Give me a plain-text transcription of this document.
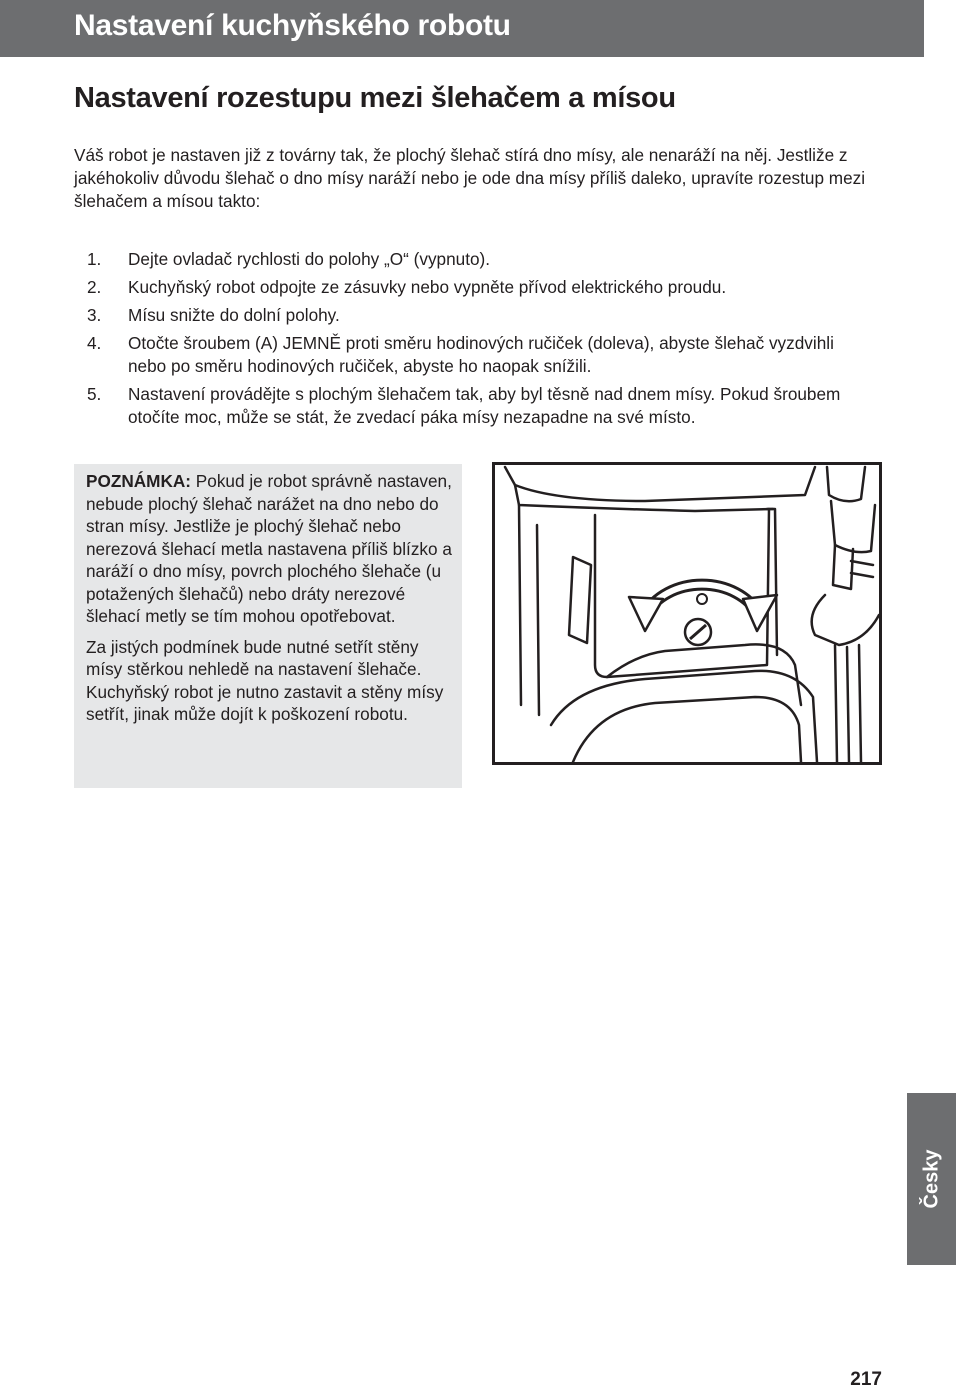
Nastavení kuchyňského robotu
Nastavení rozestupu mezi šlehačem a mísou

Váš robot je nastaven již z továrny tak, že plochý šlehač stírá dno mísy, ale nenaráží na něj. Jestliže z jakéhokoliv důvodu šlehač o dno mísy naráží nebo je ode dna mísy příliš daleko, upravíte rozestup mezi šlehačem a mísou takto:

1.	Dejte ovladač rychlosti do polohy „O“ (vypnuto).
2.	Kuchyňský robot odpojte ze zásuvky nebo vypněte přívod elektrického proudu.
3.	Mísu snižte do dolní polohy.
4.	Otočte šroubem (A) JEMNĚ proti směru hodinových ručiček (doleva), abyste šlehač vyzdvihli nebo po směru hodinových ručiček, abyste ho naopak snížili.
5.	Nastavení provádějte s plochým šlehačem tak, aby byl těsně nad dnem mísy. Pokud šroubem otočíte moc, může se stát, že zvedací páka mísy nezapadne na své místo.

POZNÁMKA: Pokud je robot správně nastaven, nebude plochý šlehač narážet na dno nebo do stran mísy. Jestliže je plochý šlehač nebo nerezová šlehací metla nastavena příliš blízko a naráží o dno mísy, povrch plochého šlehače (u potažených šlehačů) nebo dráty nerezové šlehací metly se tím mohou opotřebovat.

Za jistých podmínek bude nutné setřít stěny mísy stěrkou nehledě na nastavení šlehače. Kuchyňský robot je nutno zastavit a stěny mísy setřít, jinak může dojít k poškození robotu.

Česky
217
